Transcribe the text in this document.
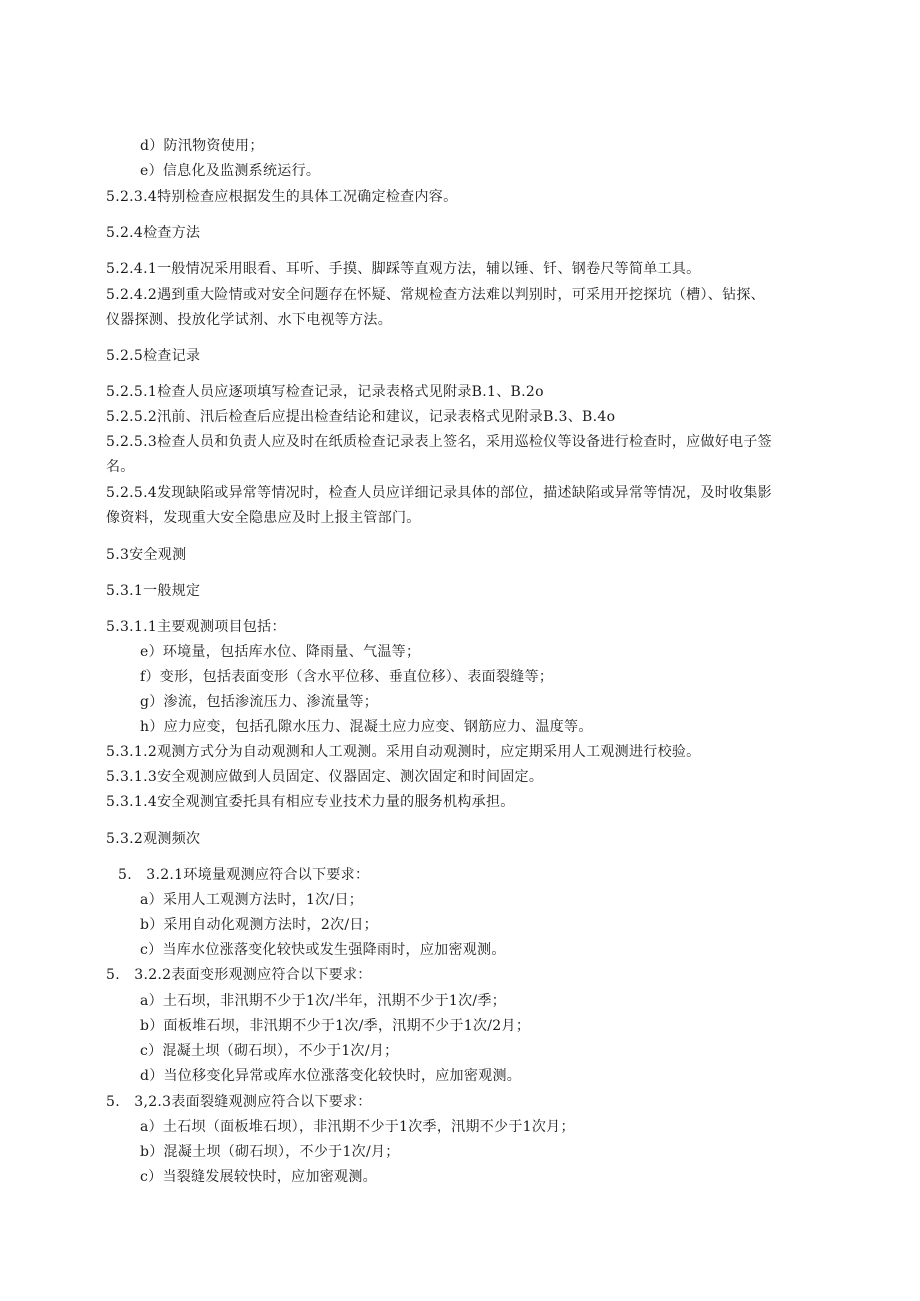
d）防汛物资使用；
e）信息化及监测系统运行。
5.2.3.4特别检查应根据发生的具体工况确定检查内容。
5.2.4检查方法
5.2.4.1一般情况采用眼看、耳听、手摸、脚踩等直观方法，辅以锤、钎、钢卷尺等简单工具。
5.2.4.2遇到重大险情或对安全问题存在怀疑、常规检查方法难以判别时，可采用开挖探坑（槽）、钻探、
仪器探测、投放化学试剂、水下电视等方法。
5.2.5检查记录
5.2.5.1检查人员应逐项填写检查记录，记录表格式见附录B.1、B.2o
5.2.5.2汛前、汛后检查后应提出检查结论和建议，记录表格式见附录B.3、B.4o
5.2.5.3检查人员和负责人应及时在纸质检查记录表上签名，采用巡检仪等设备进行检查时，应做好电子签
名。
5.2.5.4发现缺陷或异常等情况时，检查人员应详细记录具体的部位，描述缺陷或异常等情况，及时收集影
像资料，发现重大安全隐患应及时上报主管部门。
5.3安全观测
5.3.1一般规定
5.3.1.1主要观测项目包括：
e）环境量，包括库水位、降雨量、气温等；
f）变形，包括表面变形（含水平位移、垂直位移）、表面裂缝等；
g）渗流，包括渗流压力、渗流量等；
h）应力应变，包括孔隙水压力、混凝土应力应变、钢筋应力、温度等。
5.3.1.2观测方式分为自动观测和人工观测。采用自动观测时，应定期采用人工观测进行校验。
5.3.1.3安全观测应做到人员固定、仪器固定、测次固定和时间固定。
5.3.1.4安全观测宜委托具有相应专业技术力量的服务机构承担。
5.3.2观测频次
5.　3.2.1环境量观测应符合以下要求：
a）采用人工观测方法时，1次/日；
b）采用自动化观测方法时，2次/日；
c）当库水位涨落变化较快或发生强降雨时，应加密观测。
5.　3.2.2表面变形观测应符合以下要求：
a）土石坝，非汛期不少于1次/半年，汛期不少于1次/季；
b）面板堆石坝，非汛期不少于1次/季，汛期不少于1次/2月；
c）混凝土坝（砌石坝），不少于1次/月；
d）当位移变化异常或库水位涨落变化较快时，应加密观测。
5.　3,2.3表面裂缝观测应符合以下要求：
a）土石坝（面板堆石坝），非汛期不少于1次季，汛期不少于1次月；
b）混凝土坝（砌石坝），不少于1次/月；
c）当裂缝发展较快时，应加密观测。
